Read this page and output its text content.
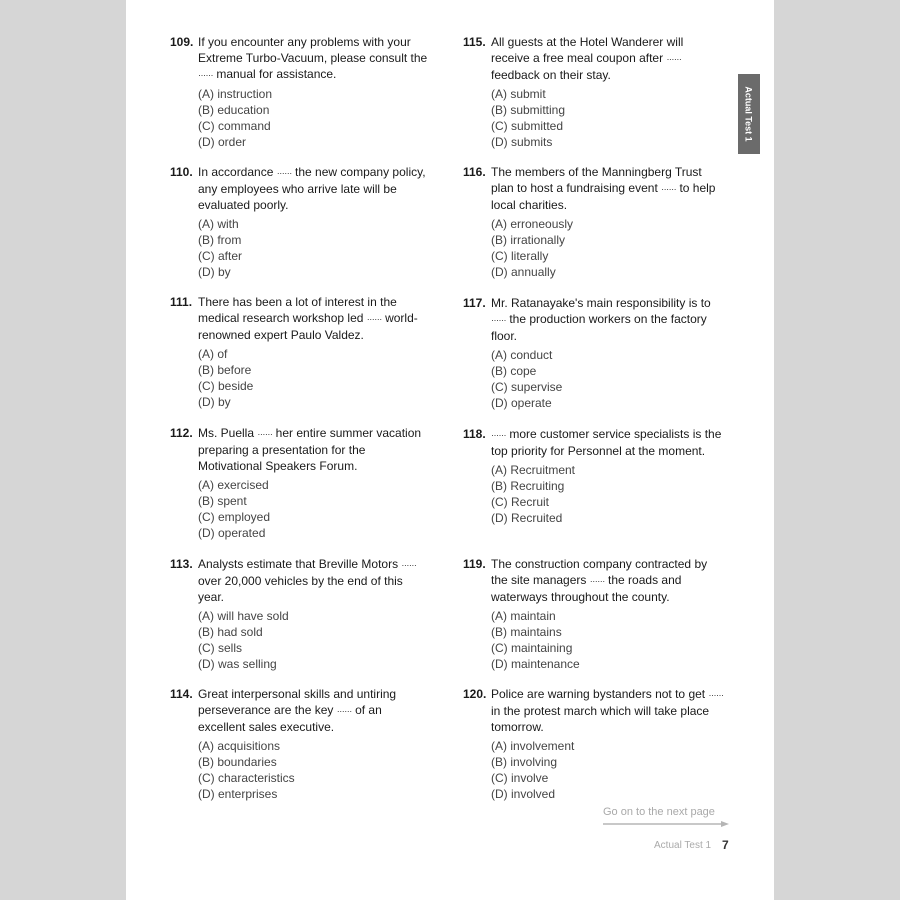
109. If you encounter any problems with your Extreme Turbo-Vacuum, please consult the ······ manual for assistance.
(A) instruction
(B) education
(C) command
(D) order
110. In accordance ······ the new company policy, any employees who arrive late will be evaluated poorly.
(A) with
(B) from
(C) after
(D) by
111. There has been a lot of interest in the medical research workshop led ······ world-renowned expert Paulo Valdez.
(A) of
(B) before
(C) beside
(D) by
112. Ms. Puella ······ her entire summer vacation preparing a presentation for the Motivational Speakers Forum.
(A) exercised
(B) spent
(C) employed
(D) operated
113. Analysts estimate that Breville Motors ······ over 20,000 vehicles by the end of this year.
(A) will have sold
(B) had sold
(C) sells
(D) was selling
114. Great interpersonal skills and untiring perseverance are the key ······ of an excellent sales executive.
(A) acquisitions
(B) boundaries
(C) characteristics
(D) enterprises
115. All guests at the Hotel Wanderer will receive a free meal coupon after ······ feedback on their stay.
(A) submit
(B) submitting
(C) submitted
(D) submits
116. The members of the Manningberg Trust plan to host a fundraising event ······ to help local charities.
(A) erroneously
(B) irrationally
(C) literally
(D) annually
117. Mr. Ratanayake's main responsibility is to ······ the production workers on the factory floor.
(A) conduct
(B) cope
(C) supervise
(D) operate
118. ······ more customer service specialists is the top priority for Personnel at the moment.
(A) Recruitment
(B) Recruiting
(C) Recruit
(D) Recruited
119. The construction company contracted by the site managers ······ the roads and waterways throughout the county.
(A) maintain
(B) maintains
(C) maintaining
(D) maintenance
120. Police are warning bystanders not to get ······ in the protest march which will take place tomorrow.
(A) involvement
(B) involving
(C) involve
(D) involved
Actual Test 1
Go on to the next page
Actual Test 1 7
